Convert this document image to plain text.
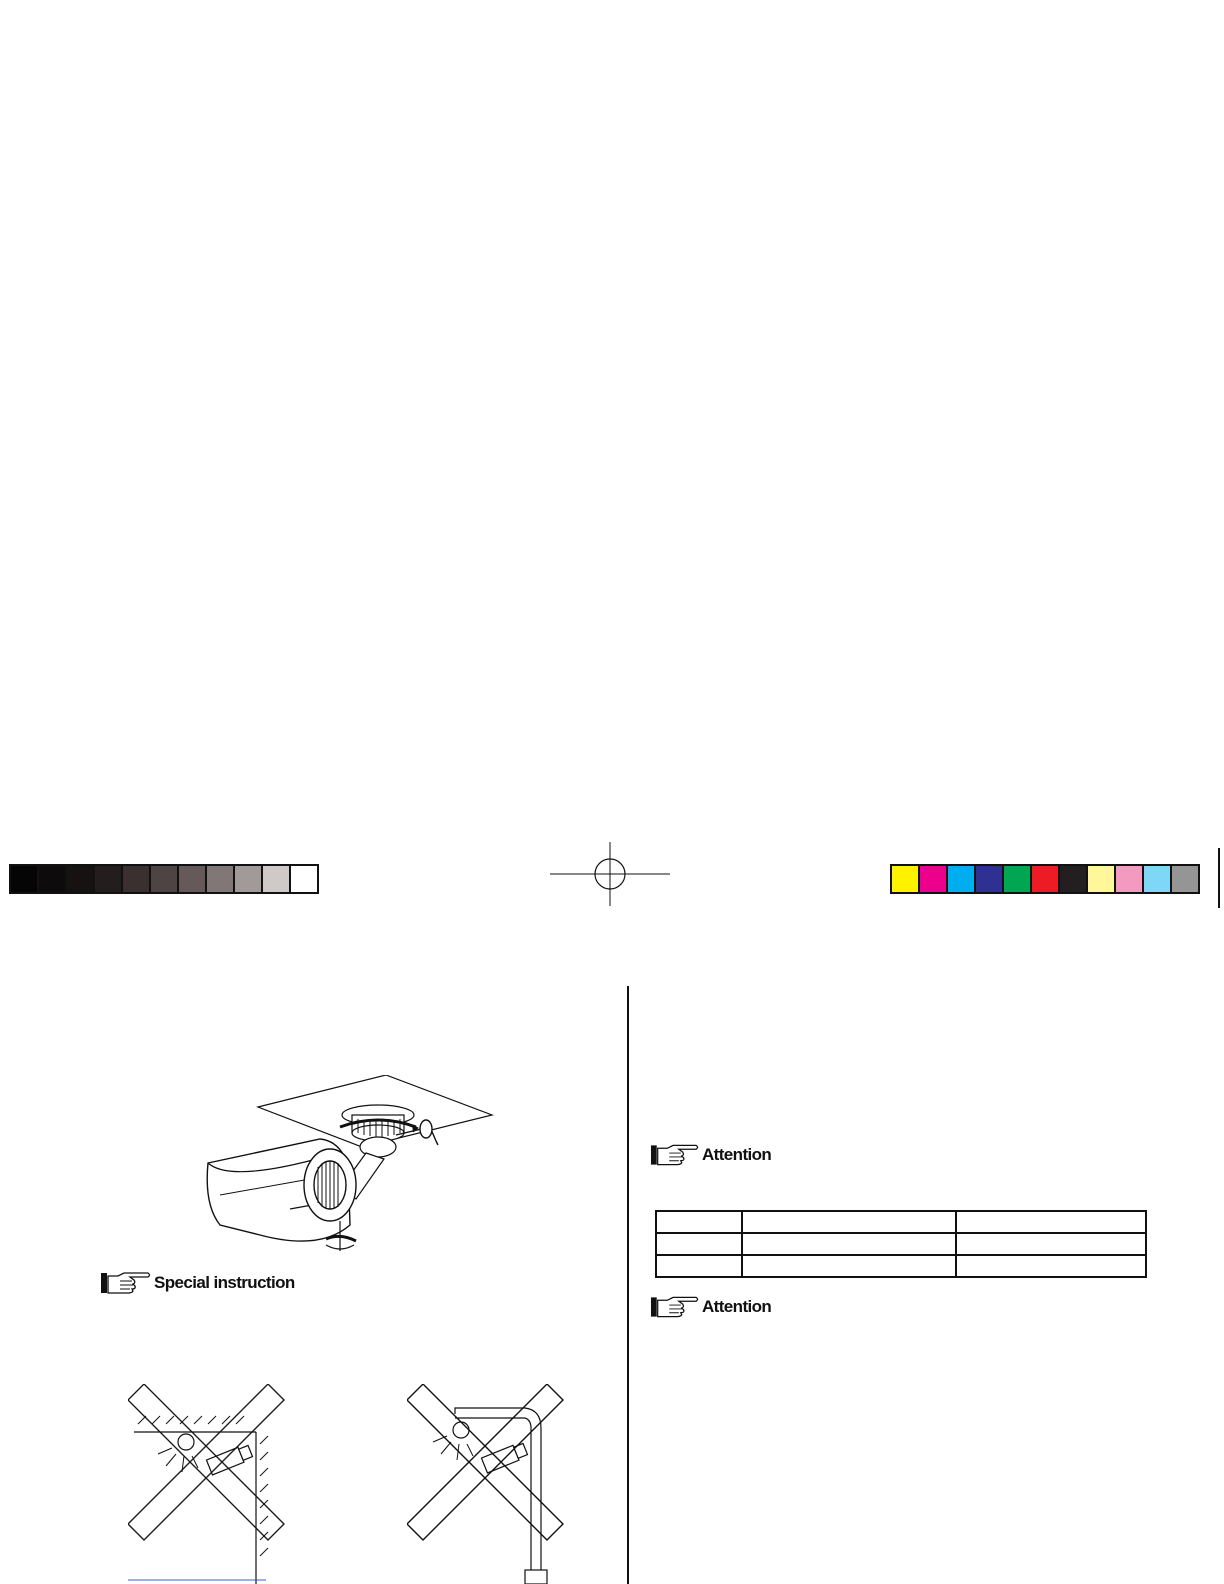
Special instruction
Attention

Attention
